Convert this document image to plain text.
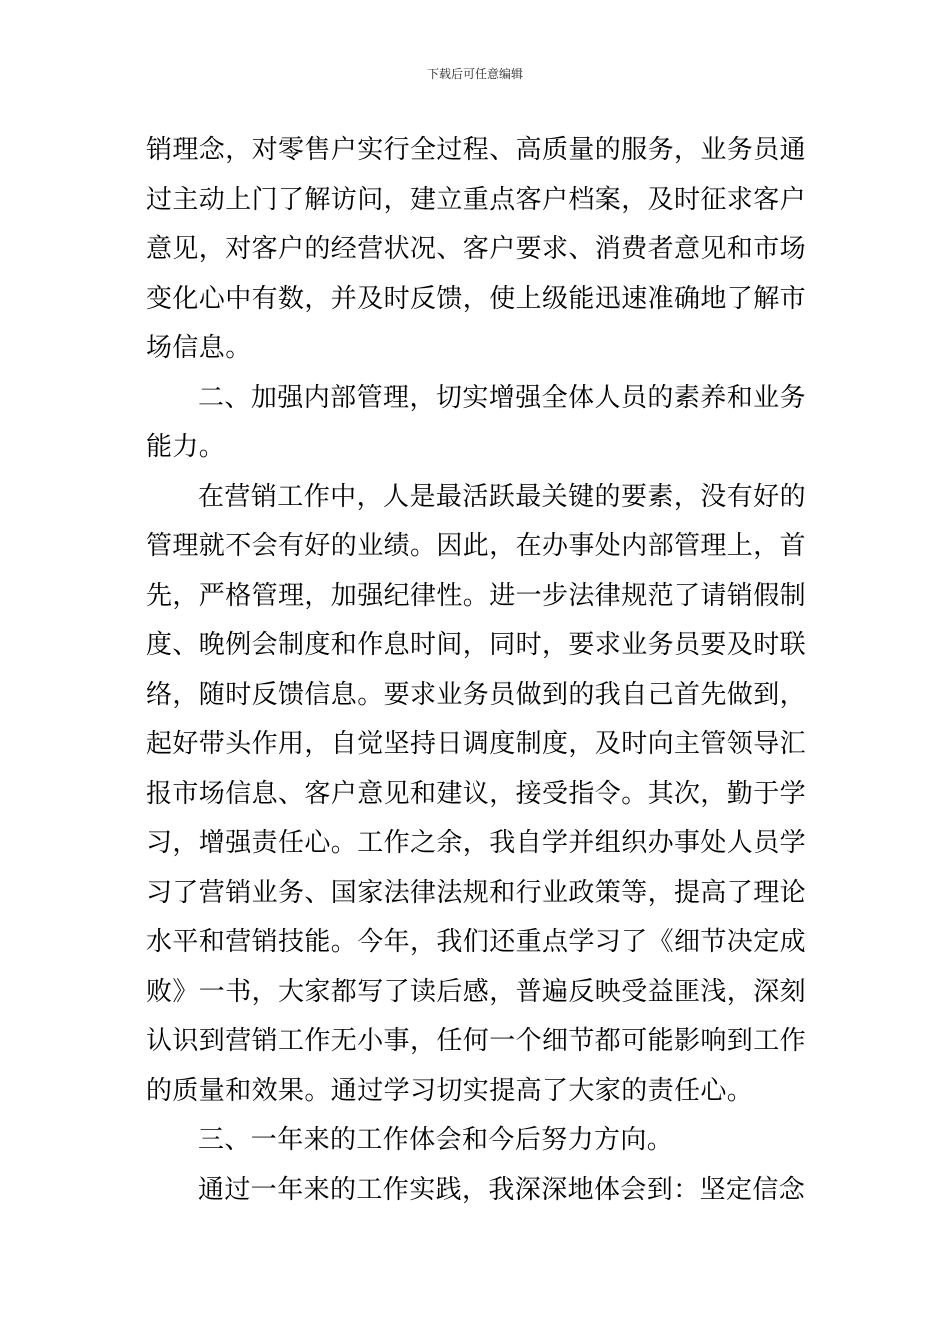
下载后可任意编辑

销理念，对零售户实行全过程、高质量的服务，业务员通过主动上门了解访问，建立重点客户档案，及时征求客户意见，对客户的经营状况、客户要求、消费者意见和市场变化心中有数，并及时反馈，使上级能迅速准确地了解市场信息。

二、加强内部管理，切实增强全体人员的素养和业务能力。

在营销工作中，人是最活跃最关键的要素，没有好的管理就不会有好的业绩。因此，在办事处内部管理上，首先，严格管理，加强纪律性。进一步法律规范了请销假制度、晚例会制度和作息时间，同时，要求业务员要及时联络，随时反馈信息。要求业务员做到的我自己首先做到，起好带头作用，自觉坚持日调度制度，及时向主管领导汇报市场信息、客户意见和建议，接受指令。其次，勤于学习，增强责任心。工作之余，我自学并组织办事处人员学习了营销业务、国家法律法规和行业政策等，提高了理论水平和营销技能。今年，我们还重点学习了《细节决定成败》一书，大家都写了读后感，普遍反映受益匪浅，深刻认识到营销工作无小事，任何一个细节都可能影响到工作的质量和效果。通过学习切实提高了大家的责任心。

三、一年来的工作体会和今后努力方向。

通过一年来的工作实践，我深深地体会到：坚定信念
